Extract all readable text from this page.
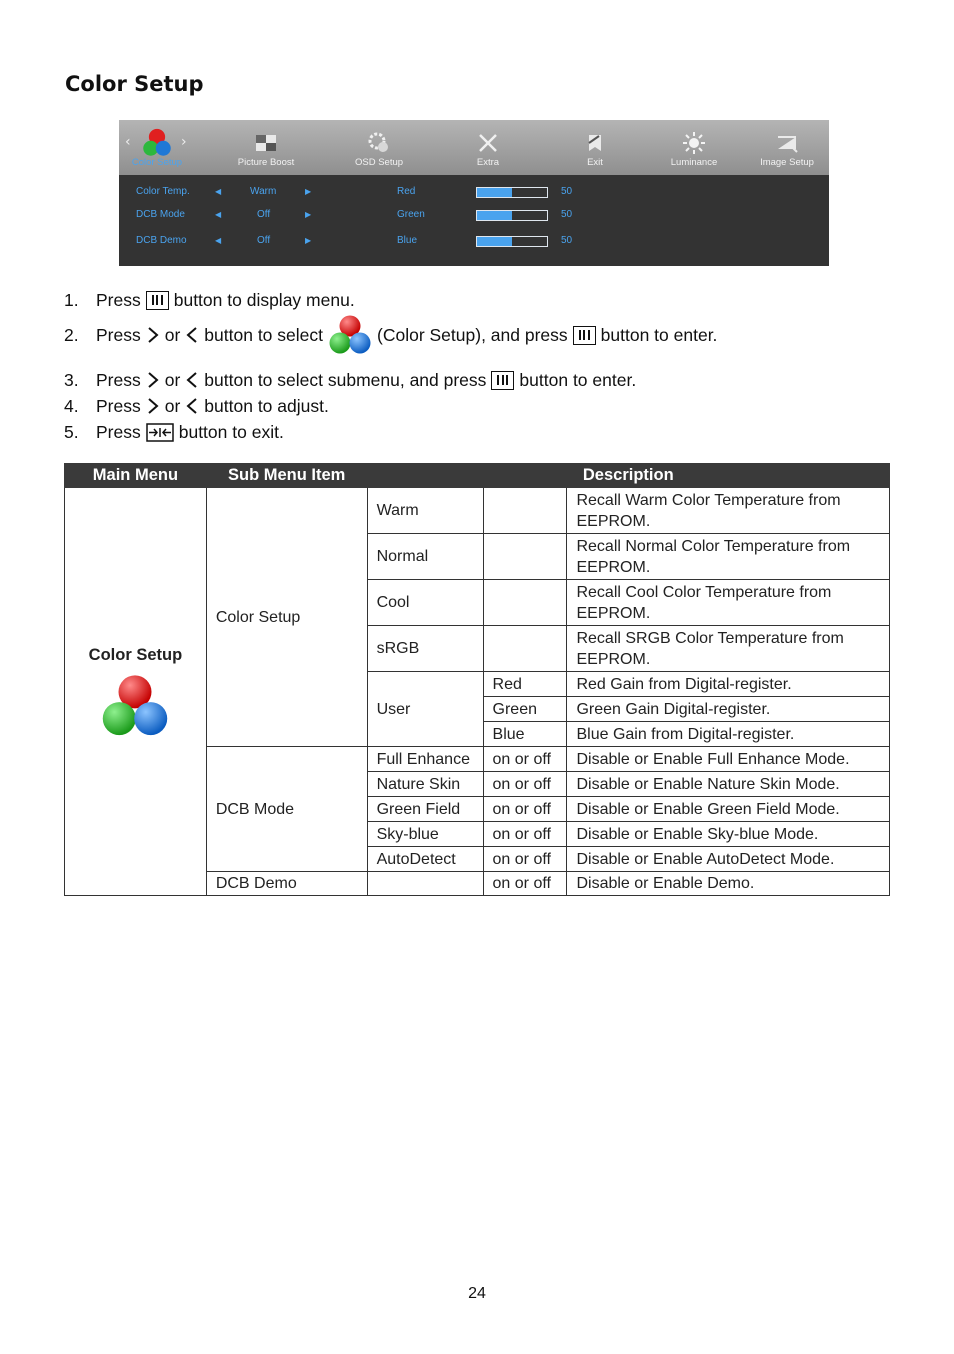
Color Setup
‹	›
Color Setup	Picture Boost	OSD Setup	Extra	Exit	Luminance	Image Setup
Color Temp.	◀	Warm	▶	Red	50
DCB Mode	◀	Off	▶	Green	50
DCB Demo	◀	Off	▶	Blue	50
1. Press button to display menu.
2. Press or button to select	(Color Setup), and press button to enter.
3. Press or button to select submenu, and press button to enter.
4. Press or button to adjust.
5. Press button to exit.
Main Menu	Sub Menu Item	Description		

Color Setup	Color Setup	Warm		Recall Warm Color Temperature from EEPROM.
		Normal		Recall Normal Color Temperature from EEPROM.
		Cool		Recall Cool Color Temperature from EEPROM.
		sRGB		Recall SRGB Color Temperature from EEPROM.
		User	Red	Red Gain from Digital-register.
			Green	Green Gain Digital-register.
			Blue	Blue Gain from Digital-register.
	DCB Mode	Full Enhance	on or off	Disable or Enable Full Enhance Mode.
		Nature Skin	on or off	Disable or Enable Nature Skin Mode.
		Green Field	on or off	Disable or Enable Green Field Mode.
		Sky-blue	on or off	Disable or Enable Sky-blue Mode.
		AutoDetect	on or off	Disable or Enable AutoDetect Mode.
	DCB Demo		on or off	Disable or Enable Demo.
24
